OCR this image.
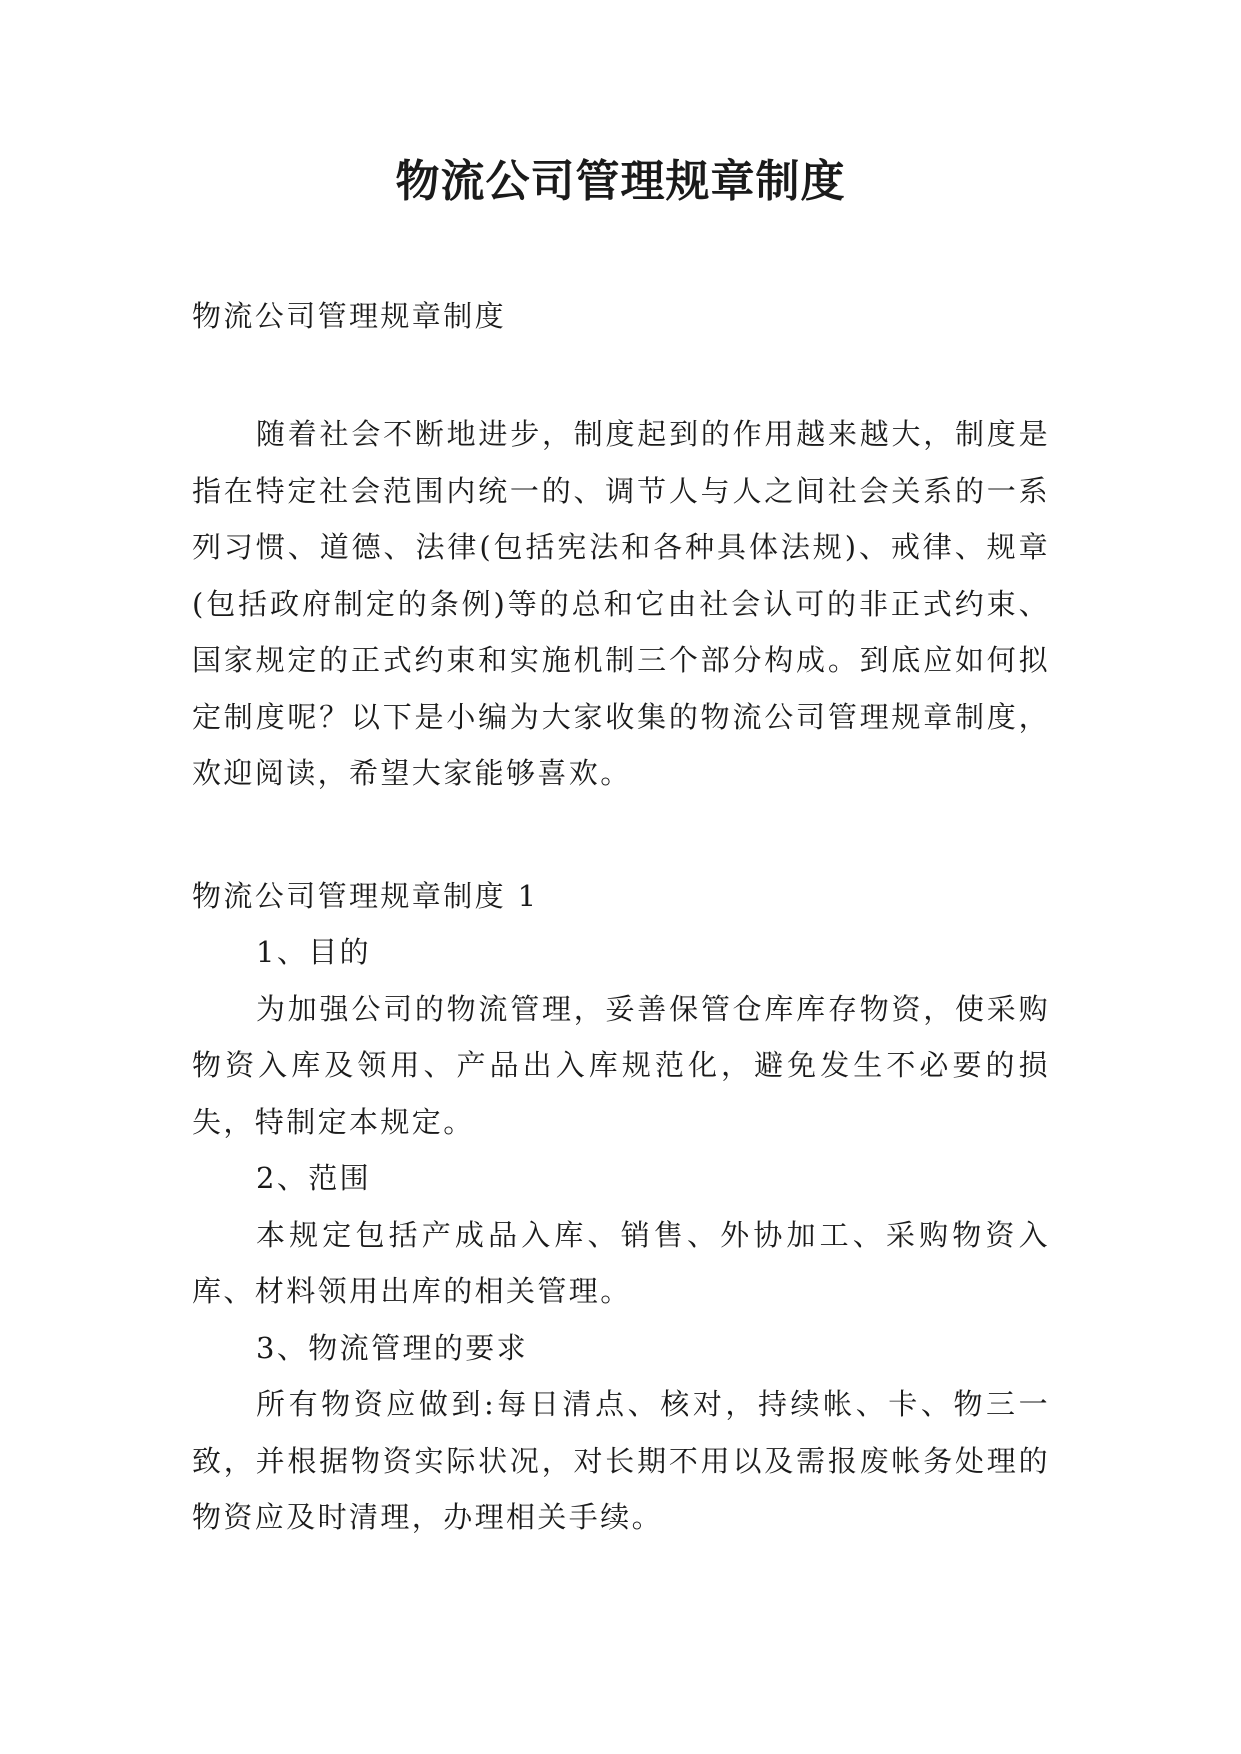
物流公司管理规章制度

物流公司管理规章制度

随着社会不断地进步，制度起到的作用越来越大，制度是指在特定社会范围内统一的、调节人与人之间社会关系的一系列习惯、道德、法律(包括宪法和各种具体法规)、戒律、规章(包括政府制定的条例)等的总和它由社会认可的非正式约束、国家规定的正式约束和实施机制三个部分构成。到底应如何拟定制度呢？以下是小编为大家收集的物流公司管理规章制度，欢迎阅读，希望大家能够喜欢。

物流公司管理规章制度 1

1、目的

为加强公司的物流管理，妥善保管仓库库存物资，使采购物资入库及领用、产品出入库规范化，避免发生不必要的损失，特制定本规定。

2、范围

本规定包括产成品入库、销售、外协加工、采购物资入库、材料领用出库的相关管理。

3、物流管理的要求

所有物资应做到:每日清点、核对，持续帐、卡、物三一致，并根据物资实际状况，对长期不用以及需报废帐务处理的物资应及时清理，办理相关手续。
